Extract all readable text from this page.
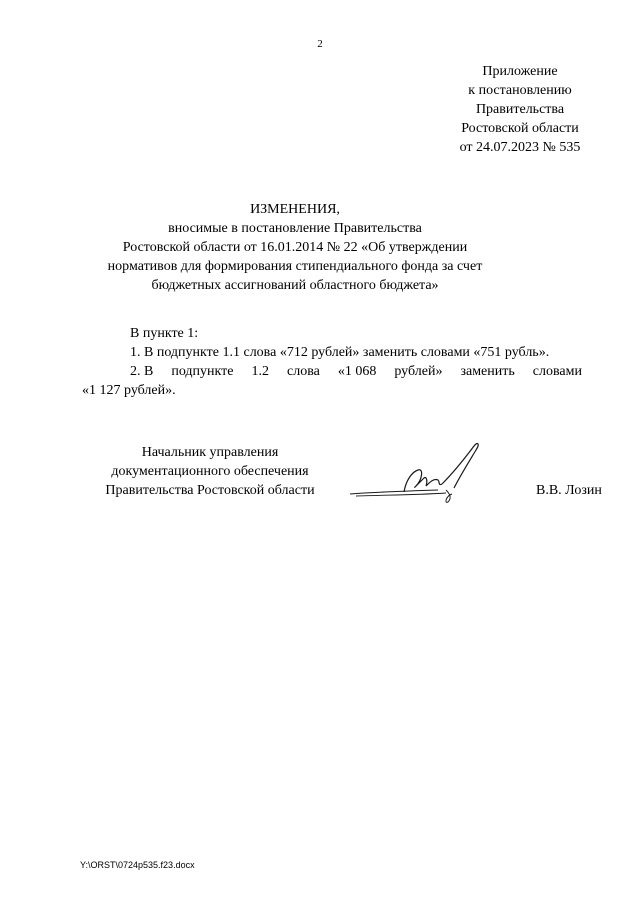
2
Приложение
к постановлению
Правительства
Ростовской области
от 24.07.2023 № 535
ИЗМЕНЕНИЯ,
вносимые в постановление Правительства
Ростовской области от 16.01.2014 № 22 «Об утверждении
нормативов для формирования стипендиального фонда за счет
бюджетных ассигнований областного бюджета»
В пункте 1:
1. В подпункте 1.1 слова «712 рублей» заменить словами «751 рубль».
2. В подпункте 1.2 слова «1 068 рублей» заменить словами
«1 127 рублей».
Начальник управления
документационного обеспечения
Правительства Ростовской области	В.В. Лозин
Y:\ORST\0724p535.f23.docx
